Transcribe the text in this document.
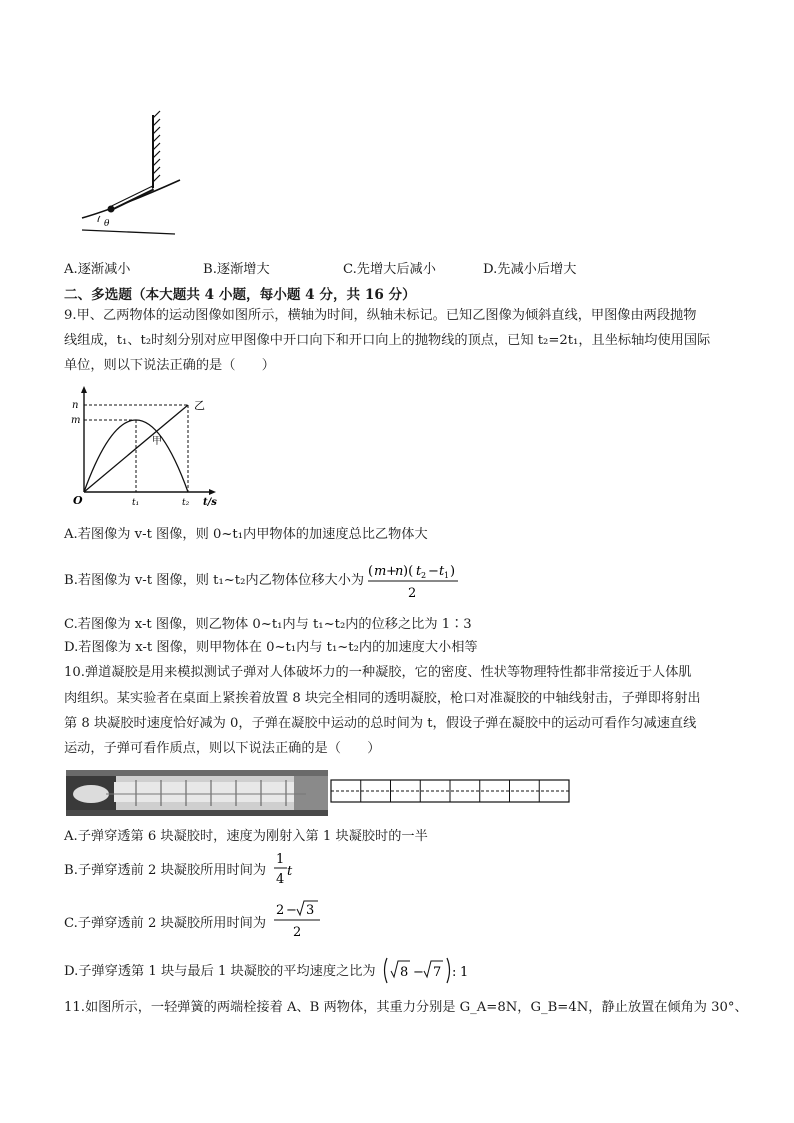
θ
A.逐渐减小	B.逐渐增大	C.先增大后减小	D.先减小后增大
二、多选题（本大题共 4 小题，每小题 4 分，共 16 分）
9.甲、乙两物体的运动图像如图所示，横轴为时间，纵轴未标记。已知乙图像为倾斜直线，甲图像由两段抛物
线组成，t₁、t₂时刻分别对应甲图像中开口向下和开口向上的抛物线的顶点，已知 t₂=2t₁，且坐标轴均使用国际
单位，则以下说法正确的是（　　）
n
m
O	t₁	t₂ t/s
乙
甲
A.若图像为 v-t 图像，则 0~t₁内甲物体的加速度总比乙物体大
B.若图像为 v-t 图像，则 t₁~t₂内乙物体位移大小为
( m +
n )( t 2 − t 1 )
2
C.若图像为 x-t 图像，则乙物体 0~t₁内与 t₁~t₂内的位移之比为 1∶3
D.若图像为 x-t 图像，则甲物体在 0~t₁内与 t₁~t₂内的加速度大小相等
10.弹道凝胶是用来模拟测试子弹对人体破坏力的一种凝胶，它的密度、性状等物理特性都非常接近于人体肌
肉组织。某实验者在桌面上紧挨着放置 8 块完全相同的透明凝胶，枪口对准凝胶的中轴线射击，子弹即将射出
第 8 块凝胶时速度恰好减为 0，子弹在凝胶中运动的总时间为 t，假设子弹在凝胶中的运动可看作匀减速直线
运动，子弹可看作质点，则以下说法正确的是（　　）
A.子弹穿透第 6 块凝胶时，速度为刚射入第 1 块凝胶时的一半
B.子弹穿透前 2 块凝胶所用时间为
1
4
t
C.子弹穿透前 2 块凝胶所用时间为
2 − 3
2
D.子弹穿透第 1 块与最后 1 块凝胶的平均速度之比为 8 − 7 : 1
11.如图所示，一轻弹簧的两端栓接着 A、B 两物体，其重力分别是 G_A=8N，G_B=4N，静止放置在倾角为 30°、
